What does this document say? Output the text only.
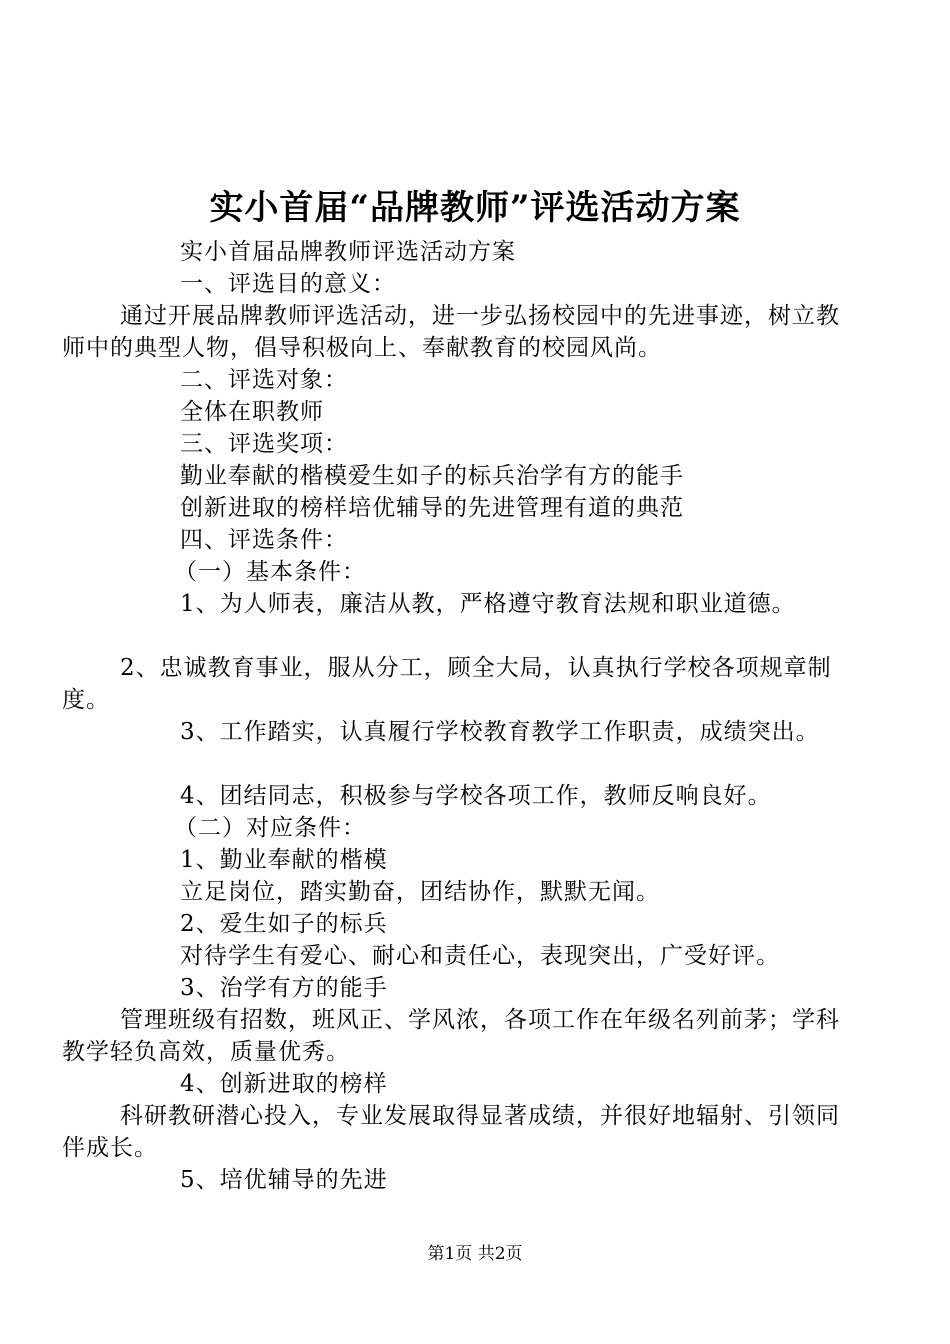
实小首届“品牌教师”评选活动方案

实小首届品牌教师评选活动方案

一、评选目的意义：

通过开展品牌教师评选活动，进一步弘扬校园中的先进事迹，树立教师中的典型人物，倡导积极向上、奉献教育的校园风尚。

二、评选对象：

全体在职教师

三、评选奖项：

勤业奉献的楷模爱生如子的标兵治学有方的能手

创新进取的榜样培优辅导的先进管理有道的典范

四、评选条件：

（一）基本条件：

1、为人师表，廉洁从教，严格遵守教育法规和职业道德。

2、忠诚教育事业，服从分工，顾全大局，认真执行学校各项规章制度。

3、工作踏实，认真履行学校教育教学工作职责，成绩突出。

4、团结同志，积极参与学校各项工作，教师反响良好。

（二）对应条件：

1、勤业奉献的楷模

立足岗位，踏实勤奋，团结协作，默默无闻。

2、爱生如子的标兵

对待学生有爱心、耐心和责任心，表现突出，广受好评。

3、治学有方的能手

管理班级有招数，班风正、学风浓，各项工作在年级名列前茅；学科教学轻负高效，质量优秀。

4、创新进取的榜样

科研教研潜心投入，专业发展取得显著成绩，并很好地辐射、引领同伴成长。

5、培优辅导的先进

第1页 共2页
